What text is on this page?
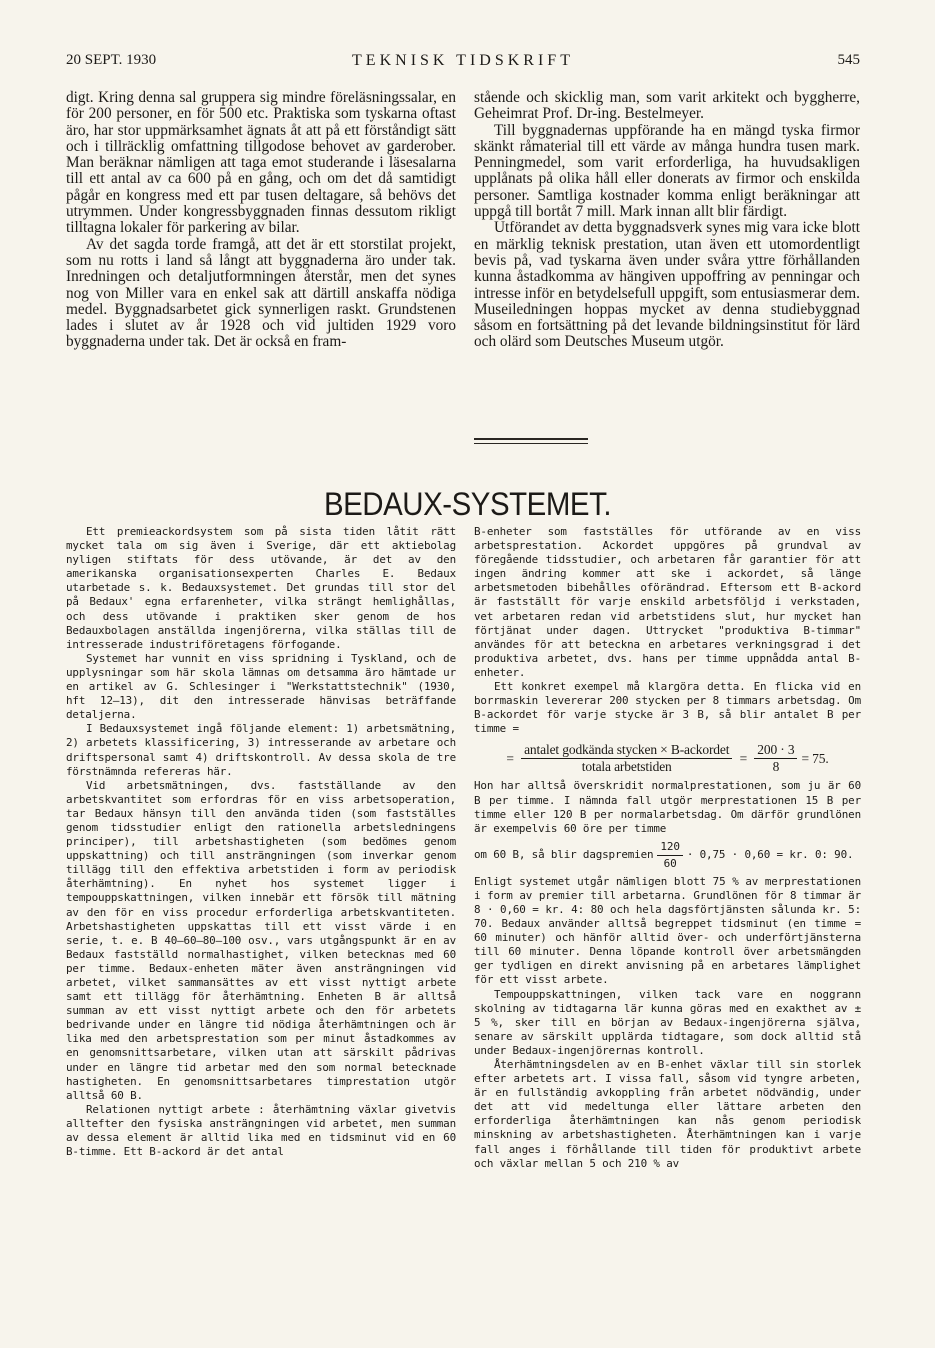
20 SEPT. 1930	TEKNISK TIDSKRIFT	545

digt. Kring denna sal gruppera sig mindre föreläsningssalar, en för 200 personer, en för 500 etc. Praktiska som tyskarna oftast äro, har stor uppmärksamhet ägnats åt att på ett förståndigt sätt och i tillräcklig omfattning tillgodose behovet av garderober. Man beräknar nämligen att taga emot studerande i läsesalarna till ett antal av ca 600 på en gång, och om det då samtidigt pågår en kongress med ett par tusen deltagare, så behövs det utrymmen. Under kongressbyggnaden finnas dessutom rikligt tilltagna lokaler för parkering av bilar.

Av det sagda torde framgå, att det är ett storstilat projekt, som nu rotts i land så långt att byggnaderna äro under tak. Inredningen och detaljutformningen återstår, men det synes nog von Miller vara en enkel sak att därtill anskaffa nödiga medel. Byggnadsarbetet gick synnerligen raskt. Grundstenen lades i slutet av år 1928 och vid jultiden 1929 voro byggnaderna under tak. Det är också en fram-

stående och skicklig man, som varit arkitekt och byggherre, Geheimrat Prof. Dr-ing. Bestelmeyer.

Till byggnadernas uppförande ha en mängd tyska firmor skänkt råmaterial till ett värde av många hundra tusen mark. Penningmedel, som varit erforderliga, ha huvudsakligen upplånats på olika håll eller donerats av firmor och enskilda personer. Samtliga kostnader komma enligt beräkningar att uppgå till bortåt 7 mill. Mark innan allt blir färdigt.

Utförandet av detta byggnadsverk synes mig vara icke blott en märklig teknisk prestation, utan även ett utomordentligt bevis på, vad tyskarna även under svåra yttre förhållanden kunna åstadkomma av hängiven uppoffring av penningar och intresse inför en betydelsefull uppgift, som entusiasmerar dem. Museiledningen hoppas mycket av denna studiebyggnad såsom en fortsättning på det levande bildningsinstitut för lärd och olärd som Deutsches Museum utgör.

BEDAUX-SYSTEMET.

Ett premieackordsystem som på sista tiden låtit rätt mycket tala om sig även i Sverige, där ett aktiebolag nyligen stiftats för dess utövande, är det av den amerikanska organisationsexperten Charles E. Bedaux utarbetade s. k. Bedauxsystemet. Det grundas till stor del på Bedaux' egna erfarenheter, vilka strängt hemlighållas, och dess utövande i praktiken sker genom de hos Bedauxbolagen anställda ingenjörerna, vilka ställas till de intresserade industriföretagens förfogande.

Systemet har vunnit en viss spridning i Tyskland, och de upplysningar som här skola lämnas om detsamma äro hämtade ur en artikel av G. Schlesinger i "Werkstattstechnik" (1930, hft 12—13), dit den intresserade hänvisas beträffande detaljerna.

I Bedauxsystemet ingå följande element: 1) arbetsmätning, 2) arbetets klassificering, 3) intresserande av arbetare och driftspersonal samt 4) driftskontroll. Av dessa skola de tre förstnämnda refereras här.

Vid arbetsmätningen, dvs. fastställande av den arbetskvantitet som erfordras för en viss arbetsoperation, tar Bedaux hänsyn till den använda tiden (som fastställes genom tidsstudier enligt den rationella arbetsledningens principer), till arbetshastigheten (som bedömes genom uppskattning) och till ansträngningen (som inverkar genom tillägg till den effektiva arbetstiden i form av periodisk återhämtning). En nyhet hos systemet ligger i tempouppskattningen, vilken innebär ett försök till mätning av den för en viss procedur erforderliga arbetskvantiteten. Arbetshastigheten uppskattas till ett visst värde i en serie, t. e. B 40—60—80—100 osv., vars utgångspunkt är en av Bedaux fastställd normalhastighet, vilken betecknas med 60 per timme. Bedaux-enheten mäter även ansträngningen vid arbetet, vilket sammansättes av ett visst nyttigt arbete samt ett tillägg för återhämtning. Enheten B är alltså summan av ett visst nyttigt arbete och den för arbetets bedrivande under en längre tid nödiga återhämtningen och är lika med den arbetsprestation som per minut åstadkommes av en genomsnittsarbetare, vilken utan att särskilt pådrivas under en längre tid arbetar med den som normal betecknade hastigheten. En genomsnittsarbetares timprestation utgör alltså 60 B.

Relationen nyttigt arbete : återhämtning växlar givetvis alltefter den fysiska ansträngningen vid arbetet, men summan av dessa element är alltid lika med en tidsminut vid en 60 B-timme. Ett B-ackord är det antal

B-enheter som fastställes för utförande av en viss arbetsprestation. Ackordet uppgöres på grundval av föregående tidsstudier, och arbetaren får garantier för att ingen ändring kommer att ske i ackordet, så länge arbetsmetoden bibehålles oförändrad. Eftersom ett B-ackord är fastställt för varje enskild arbetsföljd i verkstaden, vet arbetaren redan vid arbetstidens slut, hur mycket han förtjänat under dagen. Uttrycket "produktiva B-timmar" användes för att beteckna en arbetares verkningsgrad i det produktiva arbetet, dvs. hans per timme uppnådda antal B-enheter.

Ett konkret exempel må klargöra detta. En flicka vid en borrmaskin levererar 200 stycken per 8 timmars arbetsdag. Om B-ackordet för varje stycke är 3 B, så blir antalet B per timme =

= $\frac{\text{antalet godkända stycken × B-ackordet}}{\text{totala arbetstiden}} = \frac{200 \cdot 3}{8} = 75$.

Hon har alltså överskridit normalprestationen, som ju är 60 B per timme. I nämnda fall utgör merprestationen 15 B per timme eller 120 B per normalarbetsdag. Om därför grundlönen är exempelvis 60 öre per timme

om 60 B, så blir dagspremien $\frac{120}{60} \cdot 0,75 \cdot 0,60$ = kr. 0: 90.

Enligt systemet utgår nämligen blott 75 % av merprestationen i form av premier till arbetarna. Grundlönen för 8 timmar är 8 · 0,60 = kr. 4: 80 och hela dagsförtjänsten sålunda kr. 5: 70. Bedaux använder alltså begreppet tidsminut (en timme = 60 minuter) och hänför alltid över- och underförtjänsterna till 60 minuter. Denna löpande kontroll över arbetsmängden ger tydligen en direkt anvisning på en arbetares lämplighet för ett visst arbete.

Tempouppskattningen, vilken tack vare en noggrann skolning av tidtagarna lär kunna göras med en exakthet av ± 5 %, sker till en början av Bedaux-ingenjörerna själva, senare av särskilt upplärda tidtagare, som dock alltid stå under Bedaux-ingenjörernas kontroll.

Återhämtningsdelen av en B-enhet växlar till sin storlek efter arbetets art. I vissa fall, såsom vid tyngre arbeten, är en fullständig avkoppling från arbetet nödvändig, under det att vid medeltunga eller lättare arbeten den erforderliga återhämtningen kan nås genom periodisk minskning av arbetshastigheten. Återhämtningen kan i varje fall anges i förhållande till tiden för produktivt arbete och växlar mellan 5 och 210 % av
